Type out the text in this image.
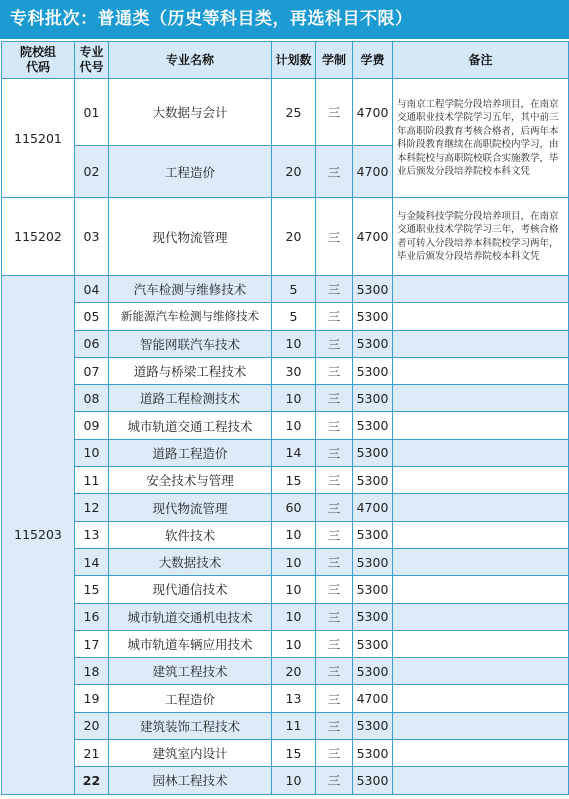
专科批次：普通类（历史等科目类，再选科目不限）
院校组
代码	专业
代号	专业名称	计划数	学制	学费	备注
115201	01	大数据与会计	25	三	4700	与南京工程学院分段培养项目，在南京交通职业技术学院学习五年，其中前三年高职阶段教育考核合格者，后两年本科阶段教育继续在高职院校内学习，由本科院校与高职院校联合实施教学，毕业后颁发分段培养院校本科文凭
	02	工程造价	20	三	4700	
115202	03	现代物流管理	20	三	4700	与金陵科技学院分段培养项目，在南京交通职业技术学院学习三年，考核合格者可转入分段培养本科院校学习两年，毕业后颁发分段培养院校本科文凭
115203	04	汽车检测与维修技术	5	三	5300	
	05	新能源汽车检测与维修技术	5	三	5300	
	06	智能网联汽车技术	10	三	5300	
	07	道路与桥梁工程技术	30	三	5300	
	08	道路工程检测技术	10	三	5300	
	09	城市轨道交通工程技术	10	三	5300	
	10	道路工程造价	14	三	5300	
	11	安全技术与管理	15	三	5300	
	12	现代物流管理	60	三	4700	
	13	软件技术	10	三	5300	
	14	大数据技术	10	三	5300	
	15	现代通信技术	10	三	5300	
	16	城市轨道交通机电技术	10	三	5300	
	17	城市轨道车辆应用技术	10	三	5300	
	18	建筑工程技术	20	三	5300	
	19	工程造价	13	三	4700	
	20	建筑装饰工程技术	11	三	5300	
	21	建筑室内设计	15	三	5300	
	22	园林工程技术	10	三	5300	
